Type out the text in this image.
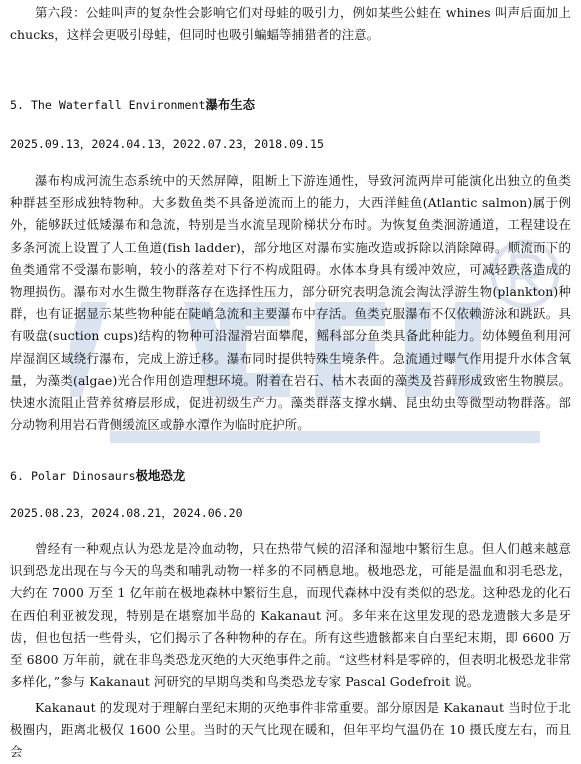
第六段：公蛙叫声的复杂性会影响它们对母蛙的吸引力，例如某些公蛙在 whines 叫声后面加上 chucks，这样会更吸引母蛙，但同时也吸引蝙蝠等捕猎者的注意。

5. The Waterfall Environment瀑布生态
2025.09.13，2024.04.13，2022.07.23，2018.09.15

瀑布构成河流生态系统中的天然屏障，阻断上下游连通性，导致河流两岸可能演化出独立的鱼类种群甚至形成独特物种。大多数鱼类不具备逆流而上的能力，大西洋鲑鱼(Atlantic salmon)属于例外，能够跃过低矮瀑布和急流，特别是当水流呈现阶梯状分布时。为恢复鱼类洄游通道，工程建设在多条河流上设置了人工鱼道(fish ladder)，部分地区对瀑布实施改造或拆除以消除障碍。顺流而下的鱼类通常不受瀑布影响，较小的落差对下行不构成阻碍。水体本身具有缓冲效应，可减轻跌落造成的物理损伤。瀑布对水生微生物群落存在选择性压力，部分研究表明急流会淘汰浮游生物(plankton)种群，也有证据显示某些物种能在陡峭急流和主要瀑布中存活。鱼类克服瀑布不仅依赖游泳和跳跃。具有吸盘(suction cups)结构的物种可沿湿滑岩面攀爬，鳐科部分鱼类具备此种能力。幼体鳗鱼利用河岸湿润区域绕行瀑布，完成上游迁移。瀑布同时提供特殊生境条件。急流通过曝气作用提升水体含氧量，为藻类(algae)光合作用创造理想环境。附着在岩石、枯木表面的藻类及苔藓形成致密生物膜层。快速水流阻止营养贫瘠层形成，促进初级生产力。藻类群落支撑水螨、昆虫幼虫等微型动物群落。部分动物利用岩石背侧缓流区或静水潭作为临时庇护所。

6. Polar Dinosaurs极地恐龙
2025.08.23，2024.08.21，2024.06.20

曾经有一种观点认为恐龙是冷血动物，只在热带气候的沼泽和湿地中繁衍生息。但人们越来越意识到恐龙出现在与今天的鸟类和哺乳动物一样多的不同栖息地。极地恐龙，可能是温血和羽毛恐龙，大约在 7000 万至 1 亿年前在极地森林中繁衍生息，而现代森林中没有类似的恐龙。这种恐龙的化石在西伯利亚被发现，特别是在堪察加半岛的 Kakanaut 河。多年来在这里发现的恐龙遗骸大多是牙齿，但也包括一些骨头，它们揭示了各种物种的存在。所有这些遗骸都来自白垩纪末期，即 6600 万至 6800 万年前，就在非鸟类恐龙灭绝的大灭绝事件之前。“这些材料是零碎的，但表明北极恐龙非常多样化，”参与 Kakanaut 河研究的早期鸟类和鸟类恐龙专家 Pascal Godefroit 说。

Kakanaut 的发现对于理解白垩纪末期的灭绝事件非常重要。部分原因是 Kakanaut 当时位于北极圈内，距离北极仅 1600 公里。当时的天气比现在暖和，但年平均气温仍在 10 摄氏度左右，而且会
